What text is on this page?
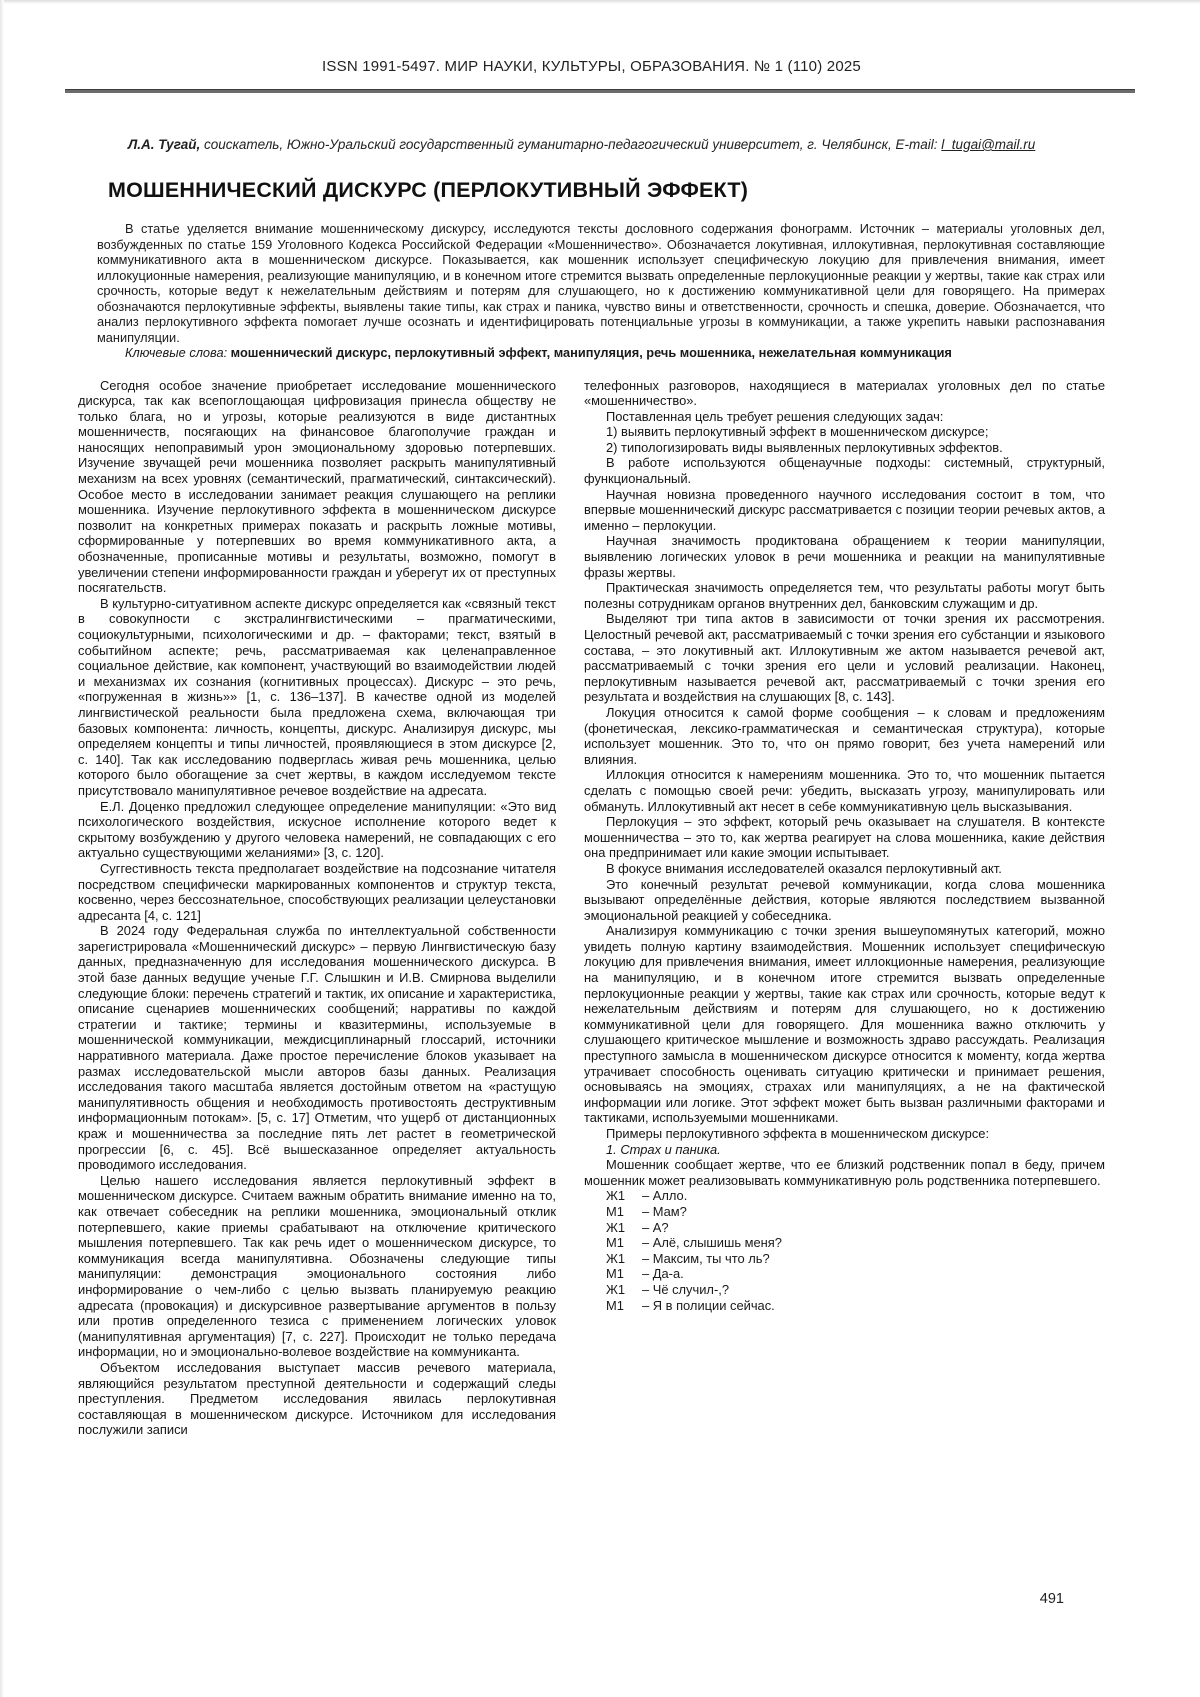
ISSN 1991-5497. МИР НАУКИ, КУЛЬТУРЫ, ОБРАЗОВАНИЯ. № 1 (110) 2025
Л.А. Тугай, соискатель, Южно-Уральский государственный гуманитарно-педагогический университет, г. Челябинск, E-mail: l_tugai@mail.ru
МОШЕННИЧЕСКИЙ ДИСКУРС (ПЕРЛОКУТИВНЫЙ ЭФФЕКТ)

В статье уделяется внимание мошенническому дискурсу, исследуются тексты дословного содержания фонограмм. Источник – материалы уголовных дел, возбужденных по статье 159 Уголовного Кодекса Российской Федерации «Мошенничество». Обозначается локутивная, иллокутивная, перлокутивная составляющие коммуникативного акта в мошенническом дискурсе. Показывается, как мошенник использует специфическую локуцию для привлечения внимания, имеет иллокуционные намерения, реализующие манипуляцию, и в конечном итоге стремится вызвать определенные перлокуционные реакции у жертвы, такие как страх или срочность, которые ведут к нежелательным действиям и потерям для слушающего, но к достижению коммуникативной цели для говорящего. На примерах обозначаются перлокутивные эффекты, выявлены такие типы, как страх и паника, чувство вины и ответственности, срочность и спешка, доверие. Обозначается, что анализ перлокутивного эффекта помогает лучше осознать и идентифицировать потенциальные угрозы в коммуникации, а также укрепить навыки распознавания манипуляции.

Ключевые слова: мошеннический дискурс, перлокутивный эффект, манипуляция, речь мошенника, нежелательная коммуникация

Сегодня особое значение приобретает исследование мошеннического дискурса, так как всепоглощающая цифровизация принесла обществу не только блага, но и угрозы, которые реализуются в виде дистантных мошенничеств, посягающих на финансовое благополучие граждан и наносящих непоправимый урон эмоциональному здоровью потерпевших. Изучение звучащей речи мошенника позволяет раскрыть манипулятивный механизм на всех уровнях (семантический, прагматический, синтаксический). Особое место в исследовании занимает реакция слушающего на реплики мошенника. Изучение перлокутивного эффекта в мошенническом дискурсе позволит на конкретных примерах показать и раскрыть ложные мотивы, сформированные у потерпевших во время коммуникативного акта, а обозначенные, прописанные мотивы и результаты, возможно, помогут в увеличении степени информированности граждан и уберегут их от преступных посягательств.

В культурно-ситуативном аспекте дискурс определяется как «связный текст в совокупности с экстралингвистическими – прагматическими, социокультурными, психологическими и др. – факторами; текст, взятый в событийном аспекте; речь, рассматриваемая как целенаправленное социальное действие, как компонент, участвующий во взаимодействии людей и механизмах их сознания (когнитивных процессах). Дискурс – это речь, «погруженная в жизнь»» [1, с. 136–137]. В качестве одной из моделей лингвистической реальности была предложена схема, включающая три базовых компонента: личность, концепты, дискурс. Анализируя дискурс, мы определяем концепты и типы личностей, проявляющиеся в этом дискурсе [2, с. 140]. Так как исследованию подверглась живая речь мошенника, целью которого было обогащение за счет жертвы, в каждом исследуемом тексте присутствовало манипулятивное речевое воздействие на адресата.

Е.Л. Доценко предложил следующее определение манипуляции: «Это вид психологического воздействия, искусное исполнение которого ведет к скрытому возбуждению у другого человека намерений, не совпадающих с его актуально существующими желаниями» [3, с. 120].

Суггестивность текста предполагает воздействие на подсознание читателя посредством специфически маркированных компонентов и структур текста, косвенно, через бессознательное, способствующих реализации целеустановки адресанта [4, с. 121]

В 2024 году Федеральная служба по интеллектуальной собственности зарегистрировала «Мошеннический дискурс» – первую Лингвистическую базу данных, предназначенную для исследования мошеннического дискурса. В этой базе данных ведущие ученые Г.Г. Слышкин и И.В. Смирнова выделили следующие блоки: перечень стратегий и тактик, их описание и характеристика, описание сценариев мошеннических сообщений; нарративы по каждой стратегии и тактике; термины и квазитермины, используемые в мошеннической коммуникации, междисциплинарный глоссарий, источники нарративного материала. Даже простое перечисление блоков указывает на размах исследовательской мысли авторов базы данных. Реализация исследования такого масштаба является достойным ответом на «растущую манипулятивность общения и необходимость противостоять деструктивным информационным потокам». [5, с. 17] Отметим, что ущерб от дистанционных краж и мошенничества за последние пять лет растет в геометрической прогрессии [6, с. 45]. Всё вышесказанное определяет актуальность проводимого исследования.

Целью нашего исследования является перлокутивный эффект в мошенническом дискурсе. Считаем важным обратить внимание именно на то, как отвечает собеседник на реплики мошенника, эмоциональный отклик потерпевшего, какие приемы срабатывают на отключение критического мышления потерпевшего. Так как речь идет о мошенническом дискурсе, то коммуникация всегда манипулятивна. Обозначены следующие типы манипуляции: демонстрация эмоционального состояния либо информирование о чем-либо с целью вызвать планируемую реакцию адресата (провокация) и дискурсивное развертывание аргументов в пользу или против определенного тезиса с применением логических уловок (манипулятивная аргументация) [7, с. 227]. Происходит не только передача информации, но и эмоционально-волевое воздействие на коммуниканта.

Объектом исследования выступает массив речевого материала, являющийся результатом преступной деятельности и содержащий следы преступления. Предметом исследования явилась перлокутивная составляющая в мошенническом дискурсе. Источником для исследования послужили записи

телефонных разговоров, находящиеся в материалах уголовных дел по статье «мошенничество».

Поставленная цель требует решения следующих задач:

1) выявить перлокутивный эффект в мошенническом дискурсе;

2) типологизировать виды выявленных перлокутивных эффектов.

В работе используются общенаучные подходы: системный, структурный, функциональный.

Научная новизна проведенного научного исследования состоит в том, что впервые мошеннический дискурс рассматривается с позиции теории речевых актов, а именно – перлокуции.

Научная значимость продиктована обращением к теории манипуляции, выявлению логических уловок в речи мошенника и реакции на манипулятивные фразы жертвы.

Практическая значимость определяется тем, что результаты работы могут быть полезны сотрудникам органов внутренних дел, банковским служащим и др.

Выделяют три типа актов в зависимости от точки зрения их рассмотрения. Целостный речевой акт, рассматриваемый с точки зрения его субстанции и языкового состава, – это локутивный акт. Иллокутивным же актом называется речевой акт, рассматриваемый с точки зрения его цели и условий реализации. Наконец, перлокутивным называется речевой акт, рассматриваемый с точки зрения его результата и воздействия на слушающих [8, с. 143].

Локуция относится к самой форме сообщения – к словам и предложениям (фонетическая, лексико-грамматическая и семантическая структура), которые использует мошенник. Это то, что он прямо говорит, без учета намерений или влияния.

Иллокция относится к намерениям мошенника. Это то, что мошенник пытается сделать с помощью своей речи: убедить, высказать угрозу, манипулировать или обмануть. Иллокутивный акт несет в себе коммуникативную цель высказывания.

Перлокуция – это эффект, который речь оказывает на слушателя. В контексте мошенничества – это то, как жертва реагирует на слова мошенника, какие действия она предпринимает или какие эмоции испытывает.

В фокусе внимания исследователей оказался перлокутивный акт.

Это конечный результат речевой коммуникации, когда слова мошенника вызывают определённые действия, которые являются последствием вызванной эмоциональной реакцией у собеседника.

Анализируя коммуникацию с точки зрения вышеупомянутых категорий, можно увидеть полную картину взаимодействия. Мошенник использует специфическую локуцию для привлечения внимания, имеет иллокционные намерения, реализующие на манипуляцию, и в конечном итоге стремится вызвать определенные перлокуционные реакции у жертвы, такие как страх или срочность, которые ведут к нежелательным действиям и потерям для слушающего, но к достижению коммуникативной цели для говорящего. Для мошенника важно отключить у слушающего критическое мышление и возможность здраво рассуждать. Реализация преступного замысла в мошенническом дискурсе относится к моменту, когда жертва утрачивает способность оценивать ситуацию критически и принимает решения, основываясь на эмоциях, страхах или манипуляциях, а не на фактической информации или логике. Этот эффект может быть вызван различными факторами и тактиками, используемыми мошенниками.

Примеры перлокутивного эффекта в мошенническом дискурсе:

1. Страх и паника.

Мошенник сообщает жертве, что ее близкий родственник попал в беду, причем мошенник может реализовывать коммуникативную роль родственника потерпевшего.

Ж1	– Алло.
М1	– Мам?
Ж1	– А?
М1	– Алё, слышишь меня?
Ж1	– Максим, ты что ль?
М1	– Да-а.
Ж1	– Чё случил-,?
М1	– Я в полиции сейчас.
491
